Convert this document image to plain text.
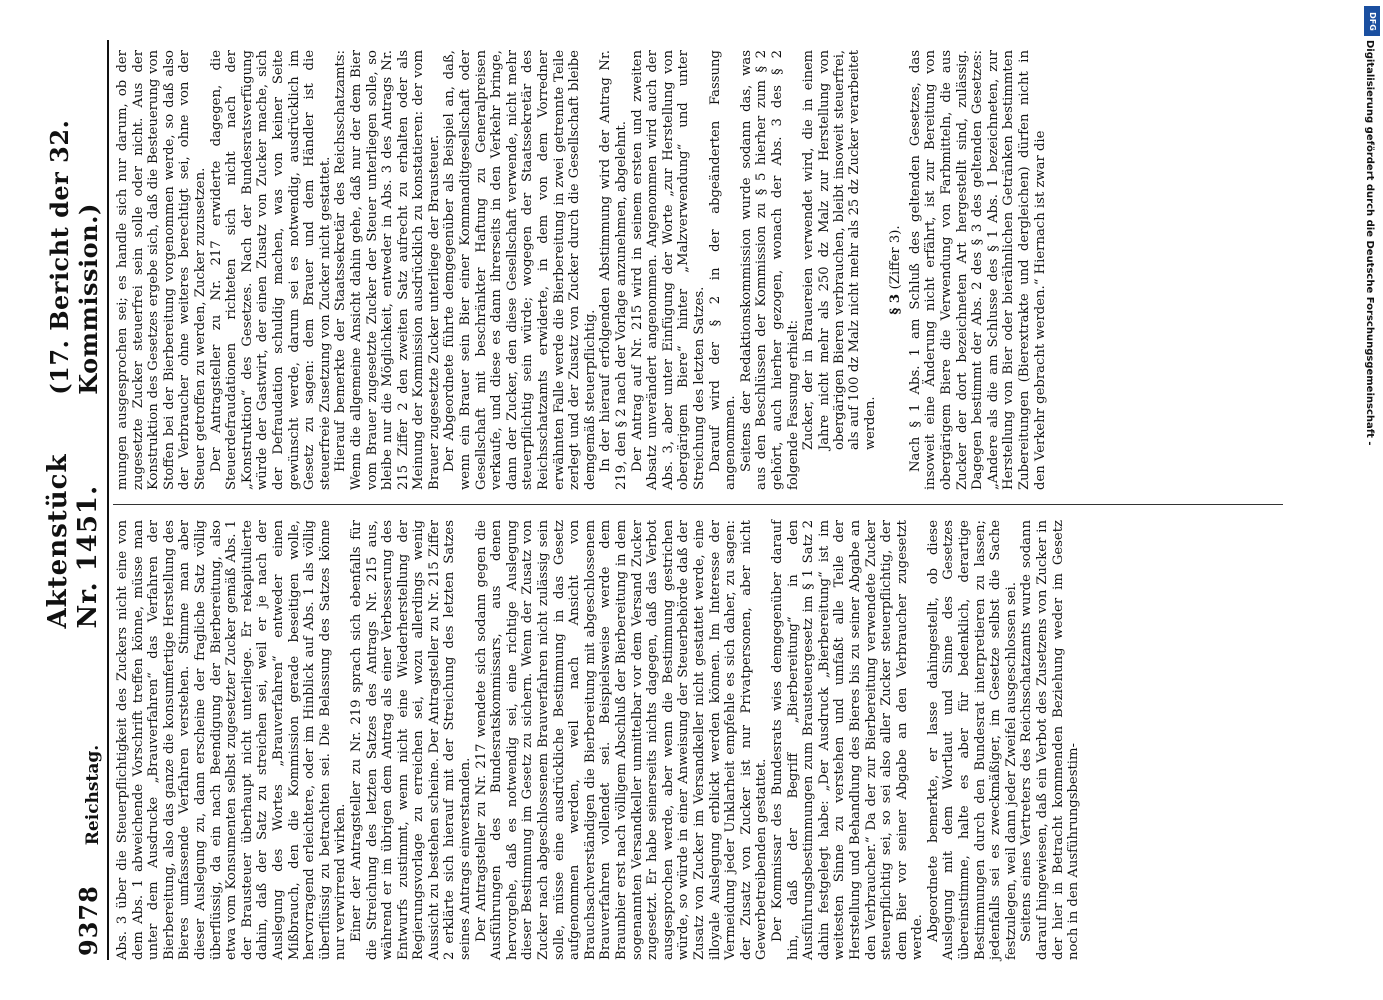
9378
Reichstag.
Aktenstück Nr. 1451.
(17. Bericht der 32. Kommission.)

Abs. 3 über die Steuerpflichtigkeit des Zuckers nicht eine von dem Abs. 1 abweichende Vorschrift treffen könne, müsse man unter dem Ausdrucke „Brauverfahren“ das Verfahren der Bierbereitung, also das ganze die konsumfertige Herstellung des Bieres umfassende Verfahren verstehen. Stimme man aber dieser Auslegung zu, dann erscheine der fragliche Satz völlig überflüssig, da ein nach Beendigung der Bierbereitung, also etwa vom Konsumenten selbst zugesetzter Zucker gemäß Abs. 1 der Brausteuer überhaupt nicht unterliege. Er rekapitulierte dahin, daß der Satz zu streichen sei, weil er je nach der Auslegung des Wortes „Brauverfahren“ entweder einen Mißbrauch, den die Kommission gerade beseitigen wolle, hervorragend erleichtere, oder im Hinblick auf Abs. 1 als völlig überflüssig zu betrachten sei. Die Belassung des Satzes könne nur verwirrend wirken. Einer der Antragsteller zu Nr. 219 sprach sich ebenfalls für die Streichung des letzten Satzes des Antrags Nr. 215 aus, während er im übrigen dem Antrag als einer Verbesserung des Entwurfs zustimmt, wenn nicht eine Wiederherstellung der Regierungsvorlage zu erreichen sei, wozu allerdings wenig Aussicht zu bestehen scheine. Der Antragsteller zu Nr. 215 Ziffer 2 erklärte sich hierauf mit der Streichung des letzten Satzes seines Antrags einverstanden. Der Antragsteller zu Nr. 217 wendete sich sodann gegen die Ausführungen des Bundesratskommissars, aus denen hervorgehe, daß es notwendig sei, eine richtige Auslegung dieser Bestimmung im Gesetz zu sichern. Wenn der Zusatz von Zucker nach abgeschlossenem Brauverfahren nicht zulässig sein solle, müsse eine ausdrückliche Bestimmung in das Gesetz aufgenommen werden, weil nach Ansicht von Brauchsachverständigen die Bierbereitung mit abgeschlossenem Brauverfahren vollendet sei. Beispielsweise werde dem Braunbier erst nach völligem Abschluß der Bierbereitung in dem sogenannten Versandkeller unmittelbar vor dem Versand Zucker zugesetzt. Er habe seinerseits nichts dagegen, daß das Verbot ausgesprochen werde, aber wenn die Bestimmung gestrichen würde, so würde in einer Anweisung der Steuerbehörde daß der Zusatz von Zucker im Versandkeller nicht gestattet werde, eine illoyale Auslegung erblickt werden können. Im Interesse der Vermeidung jeder Unklarheit empfehle es sich daher, zu sagen: der Zusatz von Zucker ist nur Privatpersonen, aber nicht Gewerbetreibenden gestattet. Der Kommissar des Bundesrats wies demgegenüber darauf hin, daß der Begriff „Bierbereitung“ in den Ausführungsbestimmungen zum Brausteuergesetz im § 1 Satz 2 dahin festgelegt habe: „Der Ausdruck „Bierbereitung“ ist im weitesten Sinne zu verstehen und umfaßt alle Teile der Herstellung und Behandlung des Bieres bis zu seiner Abgabe an den Verbraucher.“ Da der zur Bierbereitung verwendete Zucker steuerpflichtig sei, so sei also aller Zucker steuerpflichtig, der dem Bier vor seiner Abgabe an den Verbraucher zugesetzt werde. Abgeordnete bemerkte, er lasse dahingestellt, ob diese Auslegung mit dem Wortlaut und Sinne des Gesetzes übereinstimme, halte es aber für bedenklich, derartige Bestimmungen durch den Bundesrat interpretieren zu lassen; jedenfalls sei es zweckmäßiger, im Gesetze selbst die Sache festzulegen, weil dann jeder Zweifel ausgeschlossen sei. Seitens eines Vertreters des Reichsschatzamts wurde sodann darauf hingewiesen, daß ein Verbot des Zusetzens von Zucker in der hier in Betracht kommenden Beziehung weder im Gesetz noch in den Ausführungsbestim-

mungen ausgesprochen sei; es handle sich nur darum, ob der zugesetzte Zucker steuerfrei sein solle oder nicht. Aus der Konstruktion des Gesetzes ergebe sich, daß die Besteuerung von Stoffen bei der Bierbereitung vorgenommen werde, so daß also der Verbraucher ohne weiteres berechtigt sei, ohne von der Steuer getroffen zu werden, Zucker zuzusetzen. Der Antragsteller zu Nr. 217 erwiderte dagegen, die Steuerdefraudationen richteten sich nicht nach der „Konstruktion“ des Gesetzes. Nach der Bundesratsverfügung würde der Gastwirt, der einen Zusatz von Zucker mache, sich der Defraudation schuldig machen, was von keiner Seite gewünscht werde, darum sei es notwendig, ausdrücklich im Gesetz zu sagen: dem Brauer und dem Händler ist die steuerfreie Zusetzung von Zucker nicht gestattet. Hierauf bemerkte der Staatssekretär des Reichsschatzamts: Wenn die allgemeine Ansicht dahin gehe, daß nur der dem Bier vom Brauer zugesetzte Zucker der Steuer unterliegen solle, so bleibe nur die Möglichkeit, entweder in Abs. 3 des Antrags Nr. 215 Ziffer 2 den zweiten Satz aufrecht zu erhalten oder als Meinung der Kommission ausdrücklich zu konstatieren: der vom Brauer zugesetzte Zucker unterliege der Brausteuer. Der Abgeordnete führte demgegenüber als Beispiel an, daß, wenn ein Brauer sein Bier einer Kommanditgesellschaft oder Gesellschaft mit beschränkter Haftung zu Generalpreisen verkaufe, und diese es dann ihrerseits in den Verkehr bringe, dann der Zucker, den diese Gesellschaft verwende, nicht mehr steuerpflichtig sein würde; wogegen der Staatssekretär des Reichsschatzamts erwiderte, in dem von dem Vorredner erwähnten Falle werde die Bierbereitung in zwei getrennte Teile zerlegt und der Zusatz von Zucker durch die Gesellschaft bleibe demgemäß steuerpflichtig. In der hierauf erfolgenden Abstimmung wird der Antrag Nr. 219, den § 2 nach der Vorlage anzunehmen, abgelehnt. Der Antrag auf Nr. 215 wird in seinem ersten und zweiten Absatz unverändert angenommen. Angenommen wird auch der Abs. 3, aber unter Einfügung der Worte „zur Herstellung von obergärigem Biere“ hinter „Malzverwendung“ und unter Streichung des letzten Satzes. Darauf wird der § 2 in der abgeänderten Fassung angenommen. Seitens der Redaktionskommission wurde sodann das, was aus den Beschlüssen der Kommission zu § 5 hierher zum § 2 gehört, auch hierher gezogen, wonach der Abs. 3 des § 2 folgende Fassung erhielt: Zucker, der in Brauereien verwendet wird, die in einem Jahre nicht mehr als 250 dz Malz zur Herstellung von obergärigen Bieren verbrauchen, bleibt insoweit steuerfrei, als auf 100 dz Malz nicht mehr als 25 dz Zucker verarbeitet werden.

§ 3 (Ziffer 3). Nach § 1 Abs. 1 am Schluß des geltenden Gesetzes, das insoweit eine Änderung nicht erfährt, ist zur Bereitung von obergärigem Biere die Verwendung von Farbmitteln, die aus Zucker der dort bezeichneten Art hergestellt sind, zulässig. Dagegen bestimmt der Abs. 2 des § 3 des geltenden Gesetzes: „Andere als die am Schlusse des § 1 Abs. 1 bezeichneten, zur Herstellung von Bier oder bierähnlichen Getränken bestimmten Zubereitungen (Bierextrakte und dergleichen) dürfen nicht in den Verkehr gebracht werden.“ Hiernach ist zwar die

DFG
Digitalisierung gefördert durch die Deutsche Forschungsgemeinschaft -
